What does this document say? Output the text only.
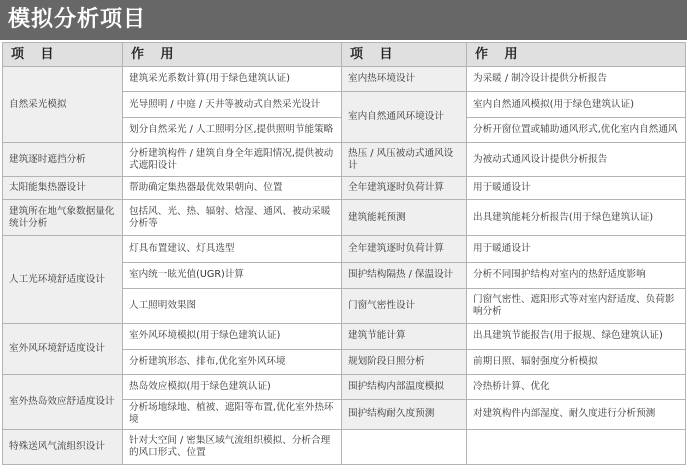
模拟分析项目
项 目	作 用	项 目	作 用
自然采光模拟	建筑采光系数计算(用于绿色建筑认证)	室内热环境设计	为采暖 / 制冷设计提供分析报告
	光导照明 / 中庭 / 天井等被动式自然采光设计	室内自然通风环境设计	室内自然通风模拟(用于绿色建筑认证)
	划分自然采光 / 人工照明分区,提供照明节能策略		分析开窗位置或辅助通风形式,优化室内自然通风
建筑逐时遮挡分析	分析建筑构件 / 建筑自身全年遮阳情况,提供被动式遮阳设计	热压 / 风压被动式通风设计	为被动式通风设计提供分析报告
太阳能集热器设计	帮助确定集热器最优效果朝向、位置	全年建筑逐时负荷计算	用于暖通设计
建筑所在地气象数据量化统计分析	包括风、光、热、辐射、焓湿、通风、被动采暖分析等	建筑能耗预测	出具建筑能耗分析报告(用于绿色建筑认证)
人工光环境舒适度设计	灯具布置建议、灯具选型	全年建筑逐时负荷计算	用于暖通设计
	室内统一眩光值(UGR)计算	围护结构隔热 / 保温设计	分析不同围护结构对室内的热舒适度影响
	人工照明效果图	门窗气密性设计	门窗气密性、遮阳形式等对室内舒适度、负荷影响分析
室外风环境舒适度设计	室外风环境模拟(用于绿色建筑认证)	建筑节能计算	出具建筑节能报告(用于报规、绿色建筑认证)
	分析建筑形态、排布,优化室外风环境	规划阶段日照分析	前期日照、辐射强度分析模拟
室外热岛效应舒适度设计	热岛效应模拟(用于绿色建筑认证)	围护结构内部温度模拟	冷热桥计算、优化
	分析场地绿地、植被、遮阳等布置,优化室外热环境	围护结构耐久度预测	对建筑构件内部湿度、耐久度进行分析预测
特殊送风气流组织设计	针对大空间 / 密集区域气流组织模拟、分析合理的风口形式、位置		
